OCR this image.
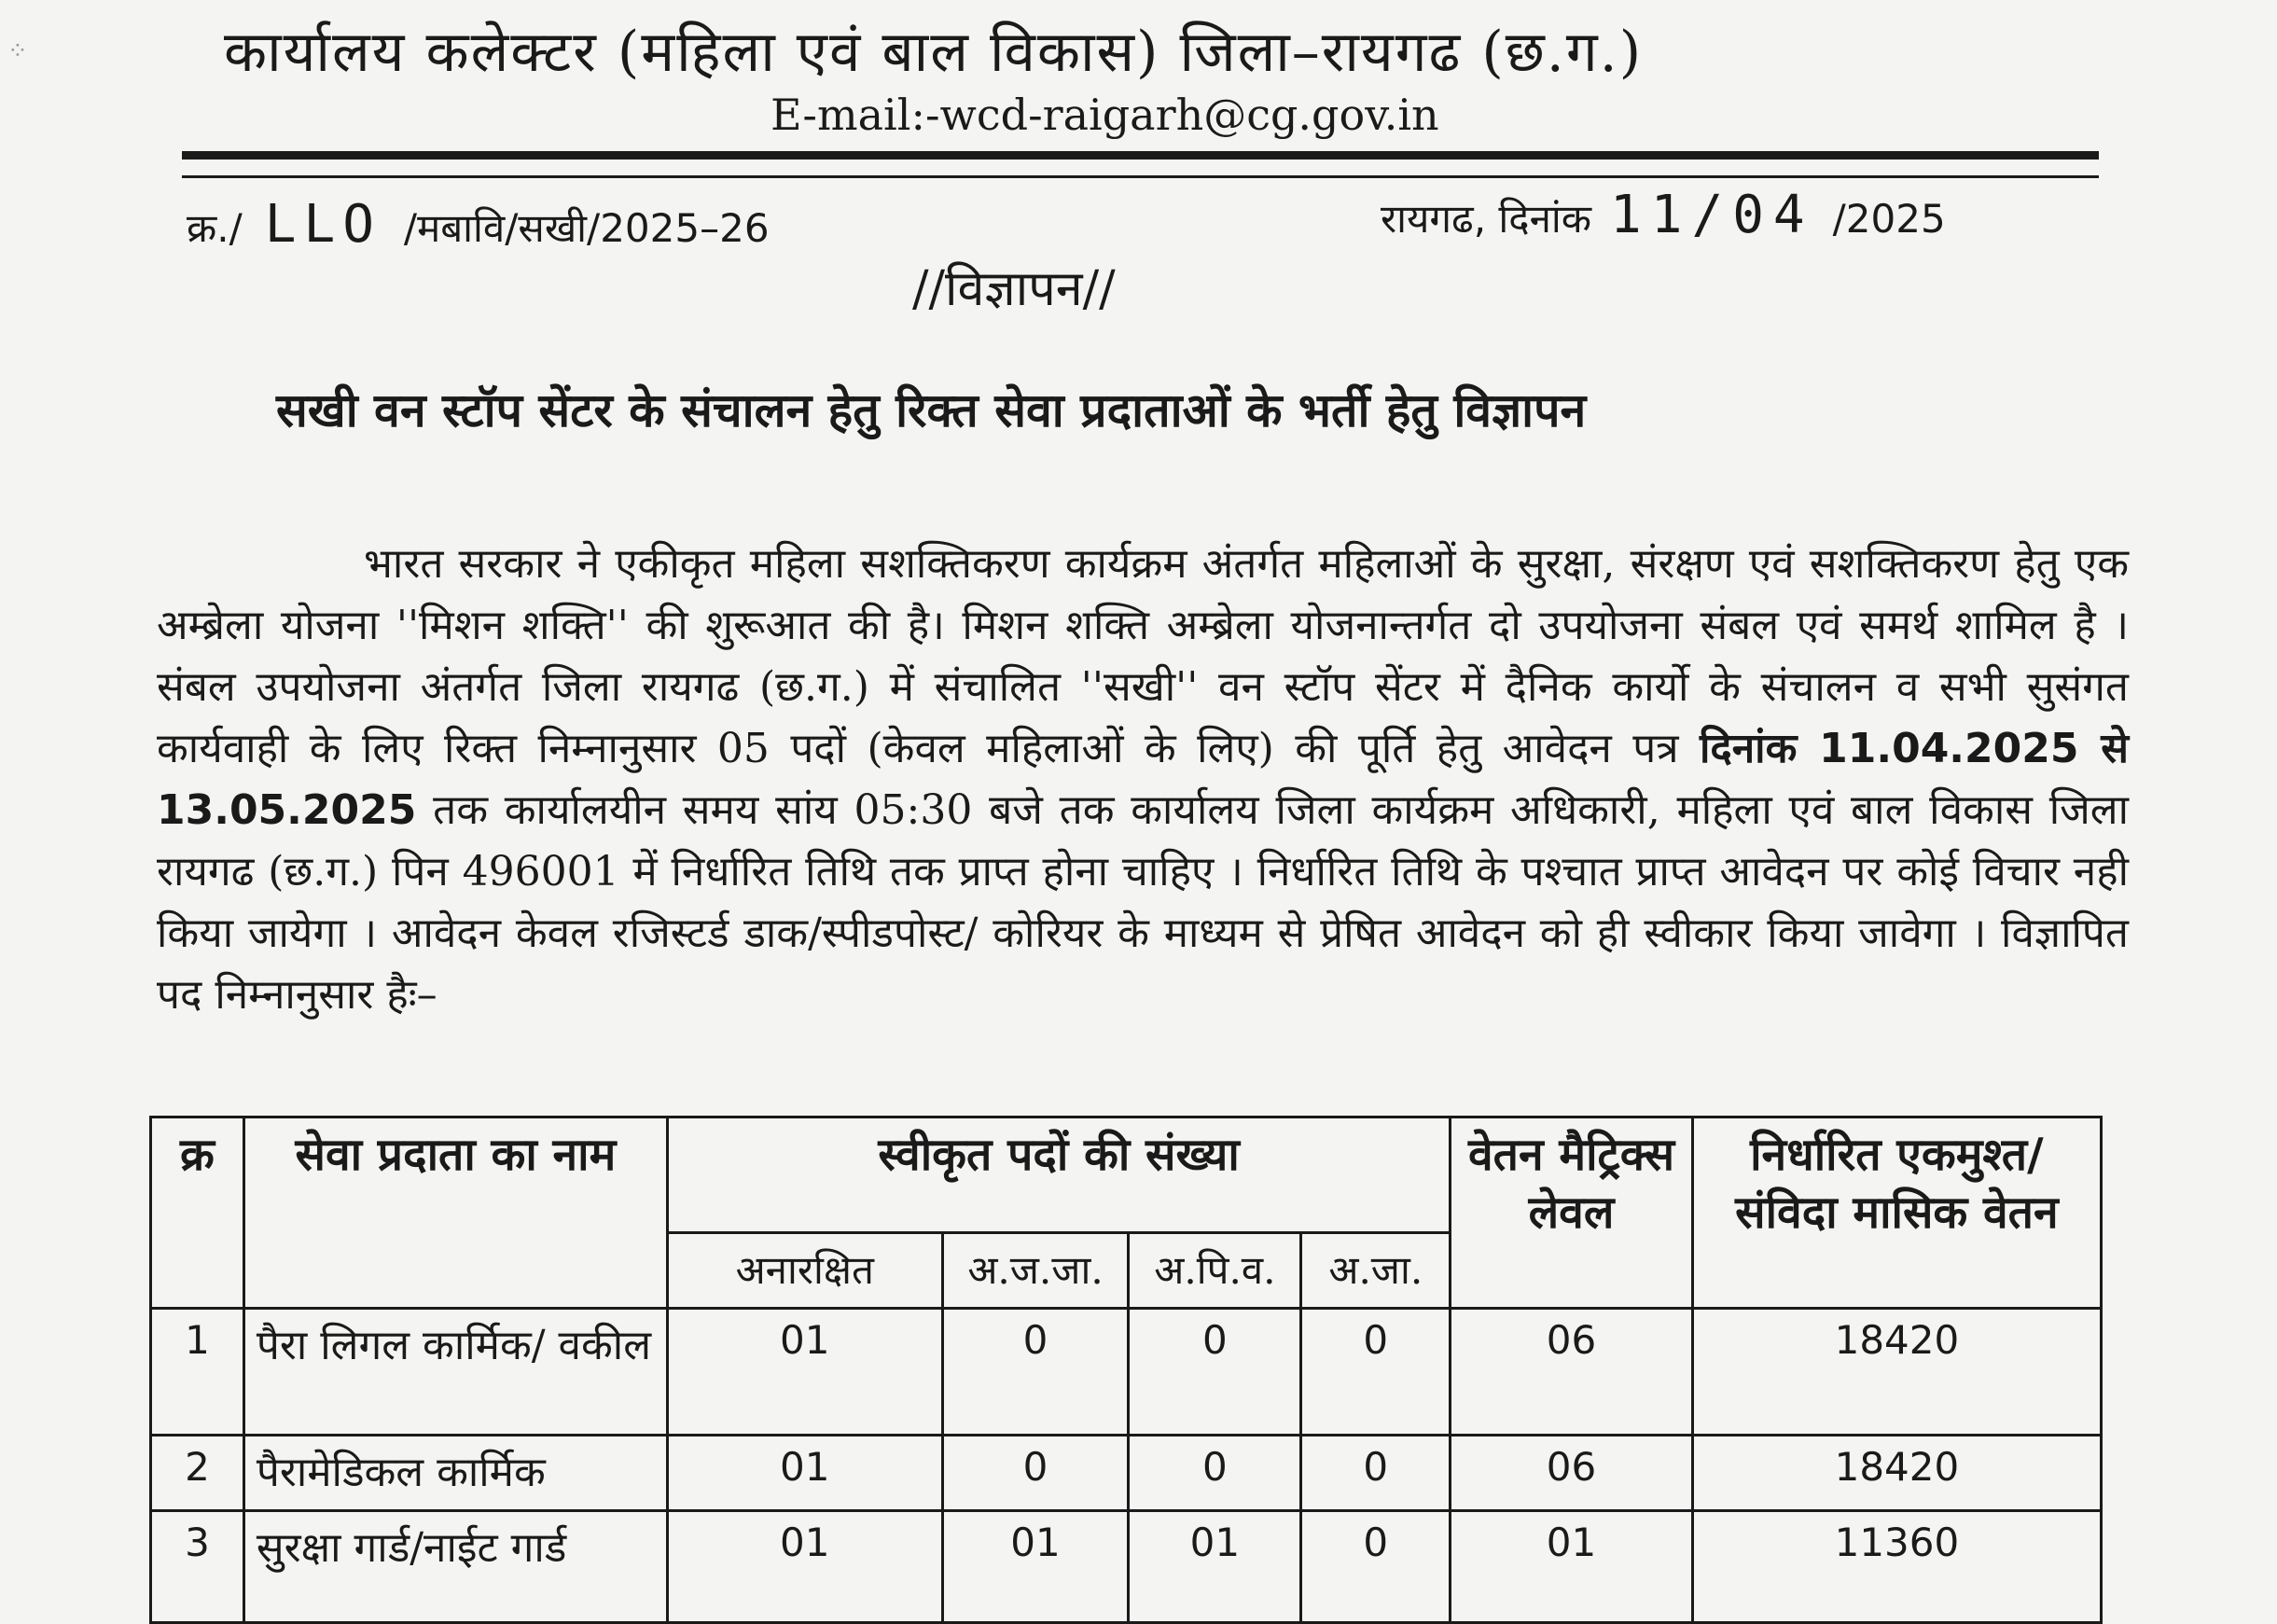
⁘	कार्यालय कलेक्टर (महिला एवं बाल विकास) जिला–रायगढ (छ.ग.)
E-mail:-wcd-raigarh@cg.gov.in
क्र./ LLO /मबावि/सखी/2025–26	रायगढ, दिनांक 11/04 /2025
//विज्ञापन//
सखी वन स्टॉप सेंटर के संचालन हेतु रिक्त सेवा प्रदाताओं के भर्ती हेतु विज्ञापन

भारत सरकार ने एकीकृत महिला सशक्तिकरण कार्यक्रम अंतर्गत महिलाओं के सुरक्षा, संरक्षण एवं सशक्तिकरण हेतु एक अम्ब्रेला योजना ''मिशन शक्ति'' की शुरूआत की है। मिशन शक्ति अम्ब्रेला योजनान्तर्गत दो उपयोजना संबल एवं समर्थ शामिल है । संबल उपयोजना अंतर्गत जिला रायगढ (छ.ग.) में संचालित ''सखी'' वन स्टॉप सेंटर में दैनिक कार्यो के संचालन व सभी सुसंगत कार्यवाही के लिए रिक्त निम्नानुसार 05 पदों (केवल महिलाओं के लिए) की पूर्ति हेतु आवेदन पत्र दिनांक 11.04.2025 से 13.05.2025 तक कार्यालयीन समय सांय 05:30 बजे तक कार्यालय जिला कार्यक्रम अधिकारी, महिला एवं बाल विकास जिला रायगढ (छ.ग.) पिन 496001 में निर्धारित तिथि तक प्राप्त होना चाहिए । निर्धारित तिथि के पश्चात प्राप्त आवेदन पर कोई विचार नही किया जायेगा । आवेदन केवल रजिस्टर्ड डाक/स्पीडपोस्ट/ कोरियर के माध्यम से प्रेषित आवेदन को ही स्वीकार किया जावेगा । विज्ञापित पद निम्नानुसार हैः–

क्र	सेवा प्रदाता का नाम	स्वीकृत पदों की संख्या				वेतन मैट्रिक्स लेवल	निर्धारित एकमुश्त/संविदा मासिक वेतन
		अनारक्षित	अ.ज.जा.	अ.पि.व.	अ.जा.		
1	पैरा लिगल कार्मिक/ वकील	01	0	0	0	06	18420
2	पैरामेडिकल कार्मिक	01	0	0	0	06	18420
3	सुरक्षा गार्ड/नाईट गार्ड	01	01	01	0	01	11360
